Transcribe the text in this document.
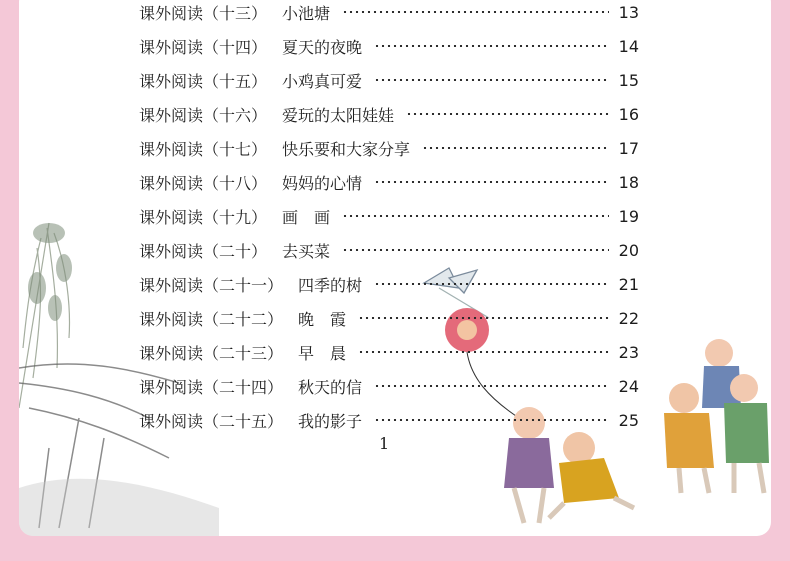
课外阅读（十三） 小池塘	13
课外阅读（十四） 夏天的夜晚	14
课外阅读（十五） 小鸡真可爱	15
课外阅读（十六） 爱玩的太阳娃娃	16
课外阅读（十七） 快乐要和大家分享	17
课外阅读（十八） 妈妈的心情	18
课外阅读（十九） 画　画	19
课外阅读（二十） 去买菜	20
课外阅读（二十一） 四季的树	21
课外阅读（二十二） 晚　霞	22
课外阅读（二十三） 早　晨	23
课外阅读（二十四） 秋天的信	24
课外阅读（二十五） 我的影子	25
1
